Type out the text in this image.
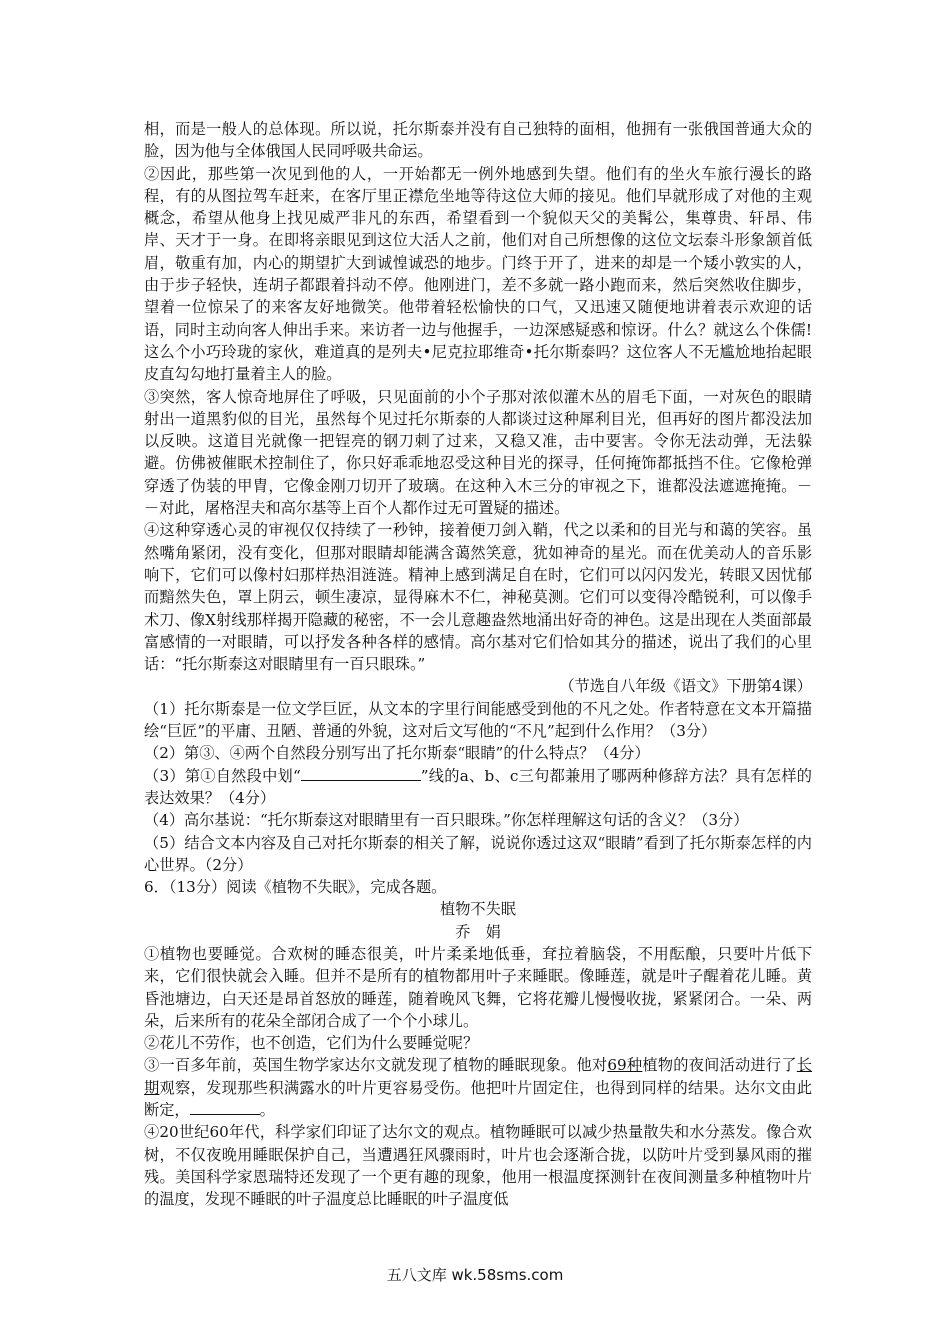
相，而是一般人的总体现。所以说，托尔斯泰并没有自己独特的面相，他拥有一张俄国普通大众的脸，因为他与全体俄国人民同呼吸共命运。

②因此，那些第一次见到他的人，一开始都无一例外地感到失望。他们有的坐火车旅行漫长的路程，有的从图拉驾车赶来，在客厅里正襟危坐地等待这位大师的接见。他们早就形成了对他的主观概念，希望从他身上找见威严非凡的东西，希望看到一个貌似天父的美髯公，集尊贵、轩昂、伟岸、天才于一身。在即将亲眼见到这位大活人之前，他们对自己所想像的这位文坛泰斗形象颔首低眉，敬重有加，内心的期望扩大到诚惶诚恐的地步。门终于开了，进来的却是一个矮小敦实的人，由于步子轻快，连胡子都跟着抖动不停。他刚进门，差不多就一路小跑而来，然后突然收住脚步，望着一位惊呆了的来客友好地微笑。他带着轻松愉快的口气，又迅速又随便地讲着表示欢迎的话语，同时主动向客人伸出手来。来访者一边与他握手，一边深感疑惑和惊讶。什么？就这么个侏儒!这么个小巧玲珑的家伙，难道真的是列夫•尼克拉耶维奇•托尔斯泰吗？这位客人不无尴尬地抬起眼皮直勾勾地打量着主人的脸。

③突然，客人惊奇地屏住了呼吸，只见面前的小个子那对浓似灌木丛的眉毛下面，一对灰色的眼睛射出一道黑豹似的目光，虽然每个见过托尔斯泰的人都谈过这种犀利目光，但再好的图片都没法加以反映。这道目光就像一把锃亮的钢刀刺了过来，又稳又准，击中要害。令你无法动弹，无法躲避。仿佛被催眠术控制住了，你只好乖乖地忍受这种目光的探寻，任何掩饰都抵挡不住。它像枪弹穿透了伪装的甲胄，它像金刚刀切开了玻璃。在这种入木三分的审视之下，谁都没法遮遮掩掩。－－对此，屠格涅夫和高尔基等上百个人都作过无可置疑的描述。

④这种穿透心灵的审视仅仅持续了一秒钟，接着便刀剑入鞘，代之以柔和的目光与和蔼的笑容。虽然嘴角紧闭，没有变化，但那对眼睛却能满含蔼然笑意，犹如神奇的星光。而在优美动人的音乐影响下，它们可以像村妇那样热泪涟涟。精神上感到满足自在时，它们可以闪闪发光，转眼又因忧郁而黯然失色，罩上阴云，顿生凄凉，显得麻木不仁，神秘莫测。它们可以变得冷酷锐利，可以像手术刀、像X射线那样揭开隐藏的秘密，不一会儿意趣盎然地涌出好奇的神色。这是出现在人类面部最富感情的一对眼睛，可以抒发各种各样的感情。高尔基对它们恰如其分的描述，说出了我们的心里话：“托尔斯泰这对眼睛里有一百只眼珠。”

（节选自八年级《语文》下册第4课）

（1）托尔斯泰是一位文学巨匠，从文本的字里行间能感受到他的不凡之处。作者特意在文本开篇描绘“巨匠”的平庸、丑陋、普通的外貌，这对后文写他的“不凡”起到什么作用？（3分）

（2）第③、④两个自然段分别写出了托尔斯泰“眼睛”的什么特点？（4分）

（3）第①自然段中划“	”线的a、b、c三句都兼用了哪两种修辞方法？具有怎样的表达效果？（4分）

（4）高尔基说：“托尔斯泰这对眼睛里有一百只眼珠。”你怎样理解这句话的含义？（3分）

（5）结合文本内容及自己对托尔斯泰的相关了解，说说你透过这双“眼睛”看到了托尔斯泰怎样的内心世界。（2分）

6．（13分）阅读《植物不失眠》，完成各题。

植物不失眠

乔　娟

①植物也要睡觉。合欢树的睡态很美，叶片柔柔地低垂，耷拉着脑袋，不用酝酿，只要叶片低下来，它们很快就会入睡。但并不是所有的植物都用叶子来睡眠。像睡莲，就是叶子醒着花儿睡。黄昏池塘边，白天还是昂首怒放的睡莲，随着晚风飞舞，它将花瓣儿慢慢收拢，紧紧闭合。一朵、两朵，后来所有的花朵全部闭合成了一个个小球儿。

②花儿不劳作，也不创造，它们为什么要睡觉呢？

③一百多年前，英国生物学家达尔文就发现了植物的睡眠现象。他对69种植物的夜间活动进行了长期观察，发现那些积满露水的叶片更容易受伤。他把叶片固定住，也得到同样的结果。达尔文由此断定，	。

④20世纪60年代，科学家们印证了达尔文的观点。植物睡眠可以减少热量散失和水分蒸发。像合欢树，不仅夜晚用睡眠保护自己，当遭遇狂风骤雨时，叶片也会逐渐合拢，以防叶片受到暴风雨的摧残。美国科学家恩瑞特还发现了一个更有趣的现象，他用一根温度探测针在夜间测量多种植物叶片的温度，发现不睡眠的叶子温度总比睡眠的叶子温度低

五八文库 wk.58sms.com
